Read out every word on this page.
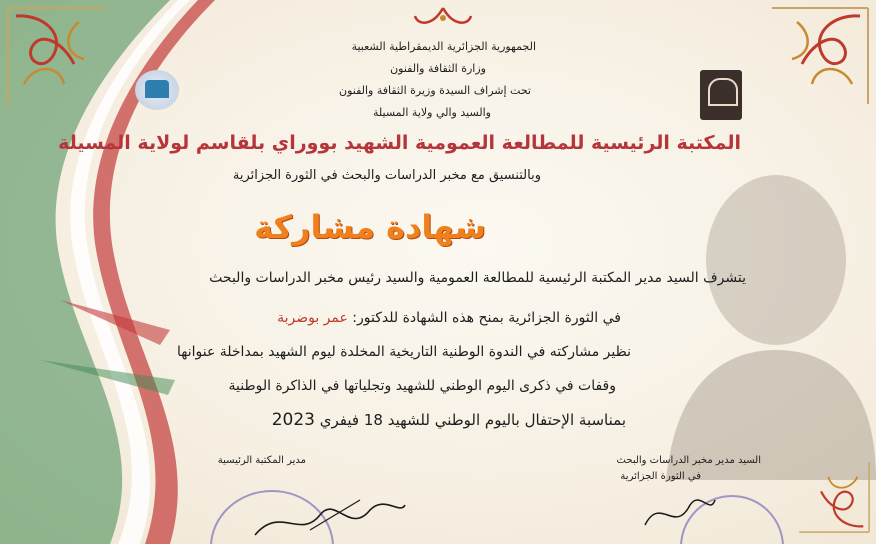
الجمهورية الجزائرية الديمقراطية الشعبية

وزارة الثقافة والفنون

تحت إشراف السيدة وزيرة الثقافة والفنون

والسيد والي ولاية المسيلة

المكتبة الرئيسية للمطالعة العمومية الشهيد بووراي بلقاسم لولاية المسيلة

وبالتنسيق مع مخبر الدراسات والبحث في الثورة الجزائرية

شهادة مشاركة

يتشرف السيد مدير المكتبة الرئيسية للمطالعة العمومية والسيد رئيس مخبر الدراسات والبحث

في الثورة الجزائرية بمنح هذه الشهادة للدكتور: عمر بوضربة

نظير مشاركته في الندوة الوطنية التاريخية المخلدة ليوم الشهيد بمداخلة عنوانها

وقفات في ذكرى اليوم الوطني للشهيد وتجلياتها في الذاكرة الوطنية

بمناسبة الإحتفال باليوم الوطني للشهيد 18 فيفري 2023

مدير المكتبة الرئيسية	السيد مدير مخبر الدراسات والبحث

في الثورة الجزائرية
